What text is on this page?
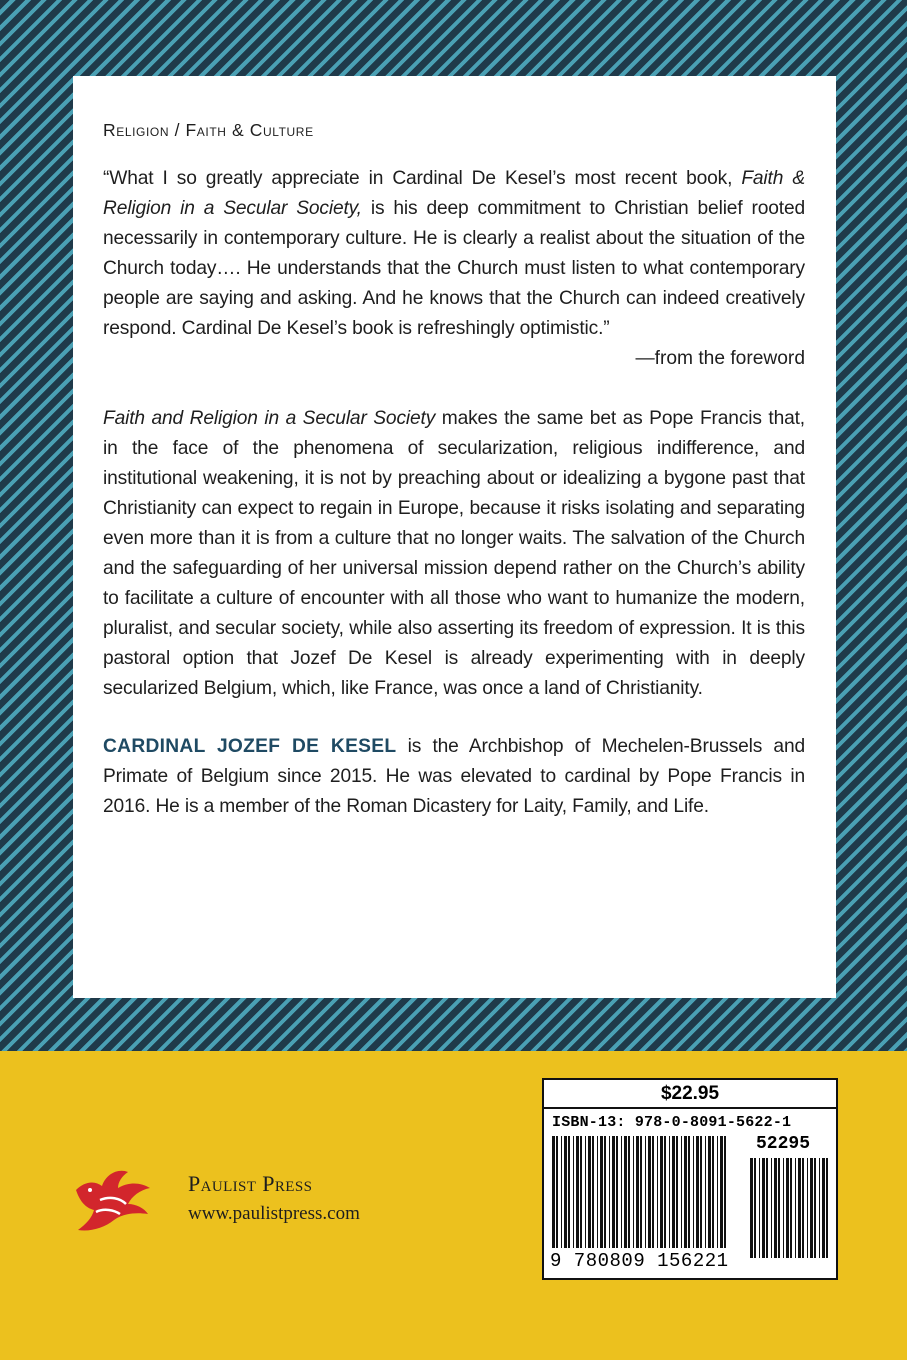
Religion / Faith & Culture

“What I so greatly appreciate in Cardinal De Kesel’s most recent book, Faith & Religion in a Secular Society, is his deep commitment to Christian belief rooted necessarily in contemporary culture. He is clearly a realist about the situation of the Church today…. He understands that the Church must listen to what contemporary people are saying and asking. And he knows that the Church can indeed creatively respond. Cardinal De Kesel’s book is refreshingly optimistic.”

—from the foreword

Faith and Religion in a Secular Society makes the same bet as Pope Francis that, in the face of the phenomena of secularization, religious indifference, and institutional weakening, it is not by preaching about or idealizing a bygone past that Christianity can expect to regain in Europe, because it risks isolating and separating even more than it is from a culture that no longer waits. The salvation of the Church and the safeguarding of her universal mission depend rather on the Church’s ability to facilitate a culture of encounter with all those who want to humanize the modern, pluralist, and secular society, while also asserting its freedom of expression. It is this pastoral option that Jozef De Kesel is already experimenting with in deeply secularized Belgium, which, like France, was once a land of Christianity.

CARDINAL JOZEF DE KESEL is the Archbishop of Mechelen-Brussels and Primate of Belgium since 2015. He was elevated to cardinal by Pope Francis in 2016. He is a member of the Roman Dicastery for Laity, Family, and Life.

Paulist Press
www.paulistpress.com
$22.95
ISBN-13: 978-0-8091-5622-1
52295
9 780809 156221
